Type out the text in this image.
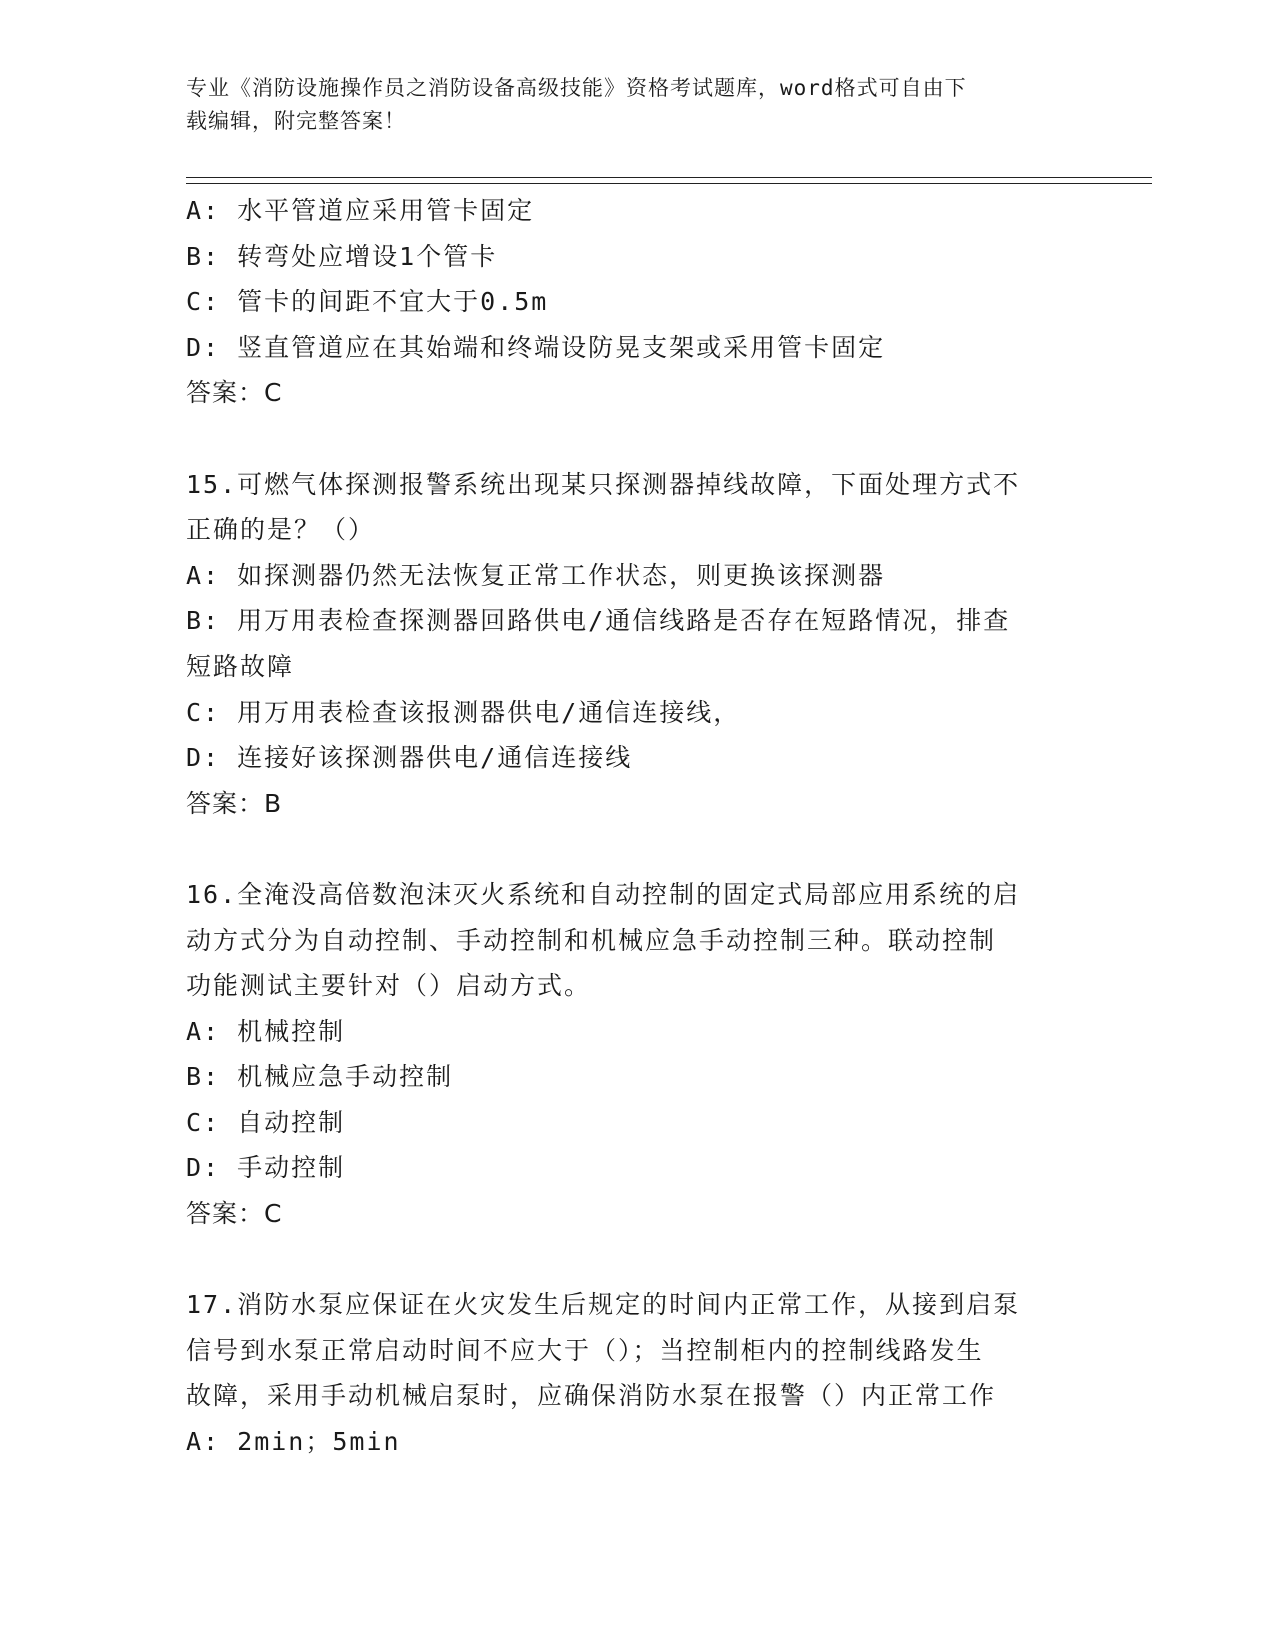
专业《消防设施操作员之消防设备高级技能》资格考试题库，word格式可自由下
载编辑，附完整答案！
A: 水平管道应采用管卡固定
B: 转弯处应增设1个管卡
C: 管卡的间距不宜大于0.5m
D: 竖直管道应在其始端和终端设防晃支架或采用管卡固定
答案：C
15.可燃气体探测报警系统出现某只探测器掉线故障，下面处理方式不
正确的是？（）
A: 如探测器仍然无法恢复正常工作状态，则更换该探测器
B: 用万用表检查探测器回路供电/通信线路是否存在短路情况，排查
短路故障
C: 用万用表检查该报测器供电/通信连接线，
D: 连接好该探测器供电/通信连接线
答案：B
16.全淹没高倍数泡沫灭火系统和自动控制的固定式局部应用系统的启
动方式分为自动控制、手动控制和机械应急手动控制三种。联动控制
功能测试主要针对（）启动方式。
A: 机械控制
B: 机械应急手动控制
C: 自动控制
D: 手动控制
答案：C
17.消防水泵应保证在火灾发生后规定的时间内正常工作，从接到启泵
信号到水泵正常启动时间不应大于（）；当控制柜内的控制线路发生
故障，采用手动机械启泵时，应确保消防水泵在报警（）内正常工作
A: 2min；5min
